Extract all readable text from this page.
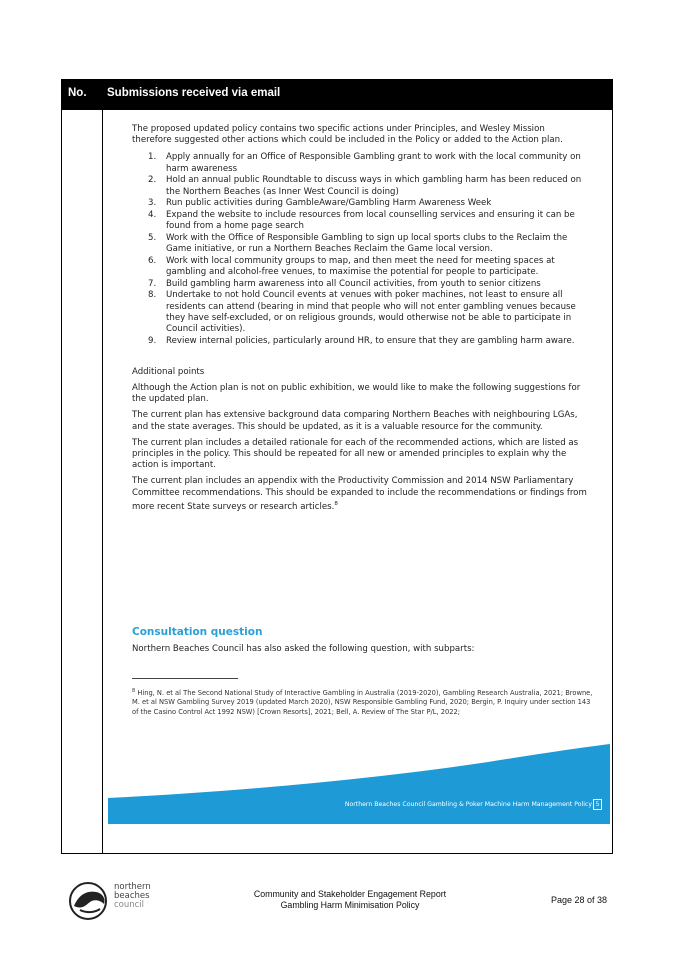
No. Submissions received via email

The proposed updated policy contains two specific actions under Principles, and Wesley Mission therefore suggested other actions which could be included in the Policy or added to the Action plan.

1. Apply annually for an Office of Responsible Gambling grant to work with the local community on harm awareness
2. Hold an annual public Roundtable to discuss ways in which gambling harm has been reduced on the Northern Beaches (as Inner West Council is doing)
3. Run public activities during GambleAware/Gambling Harm Awareness Week
4. Expand the website to include resources from local counselling services and ensuring it can be found from a home page search
5. Work with the Office of Responsible Gambling to sign up local sports clubs to the Reclaim the Game initiative, or run a Northern Beaches Reclaim the Game local version.
6. Work with local community groups to map, and then meet the need for meeting spaces at gambling and alcohol-free venues, to maximise the potential for people to participate.
7. Build gambling harm awareness into all Council activities, from youth to senior citizens
8. Undertake to not hold Council events at venues with poker machines, not least to ensure all residents can attend (bearing in mind that people who will not enter gambling venues because they have self-excluded, or on religious grounds, would otherwise not be able to participate in Council activities).
9. Review internal policies, particularly around HR, to ensure that they are gambling harm aware.

Additional points

Although the Action plan is not on public exhibition, we would like to make the following suggestions for the updated plan.

The current plan has extensive background data comparing Northern Beaches with neighbouring LGAs, and the state averages. This should be updated, as it is a valuable resource for the community.

The current plan includes a detailed rationale for each of the recommended actions, which are listed as principles in the policy. This should be repeated for all new or amended principles to explain why the action is important.

The current plan includes an appendix with the Productivity Commission and 2014 NSW Parliamentary Committee recommendations. This should be expanded to include the recommendations or findings from more recent State surveys or research articles.$^8$

Consultation question
Northern Beaches Council has also asked the following question, with subparts:
$^8$ Hing, N. et al The Second National Study of Interactive Gambling in Australia (2019-2020), Gambling Research Australia, 2021; Browne, M. et al NSW Gambling Survey 2019 (updated March 2020), NSW Responsible Gambling Fund, 2020; Bergin, P. Inquiry under section 143 of the Casino Control Act 1992 NSW) [Crown Resorts], 2021; Bell, A. Review of The Star P/L, 2022;
Northern Beaches Council Gambling & Poker Machine Harm Management Policy 5
northern
beaches
council
Community and Stakeholder Engagement Report
Gambling Harm Minimisation Policy	Page 28 of 38
